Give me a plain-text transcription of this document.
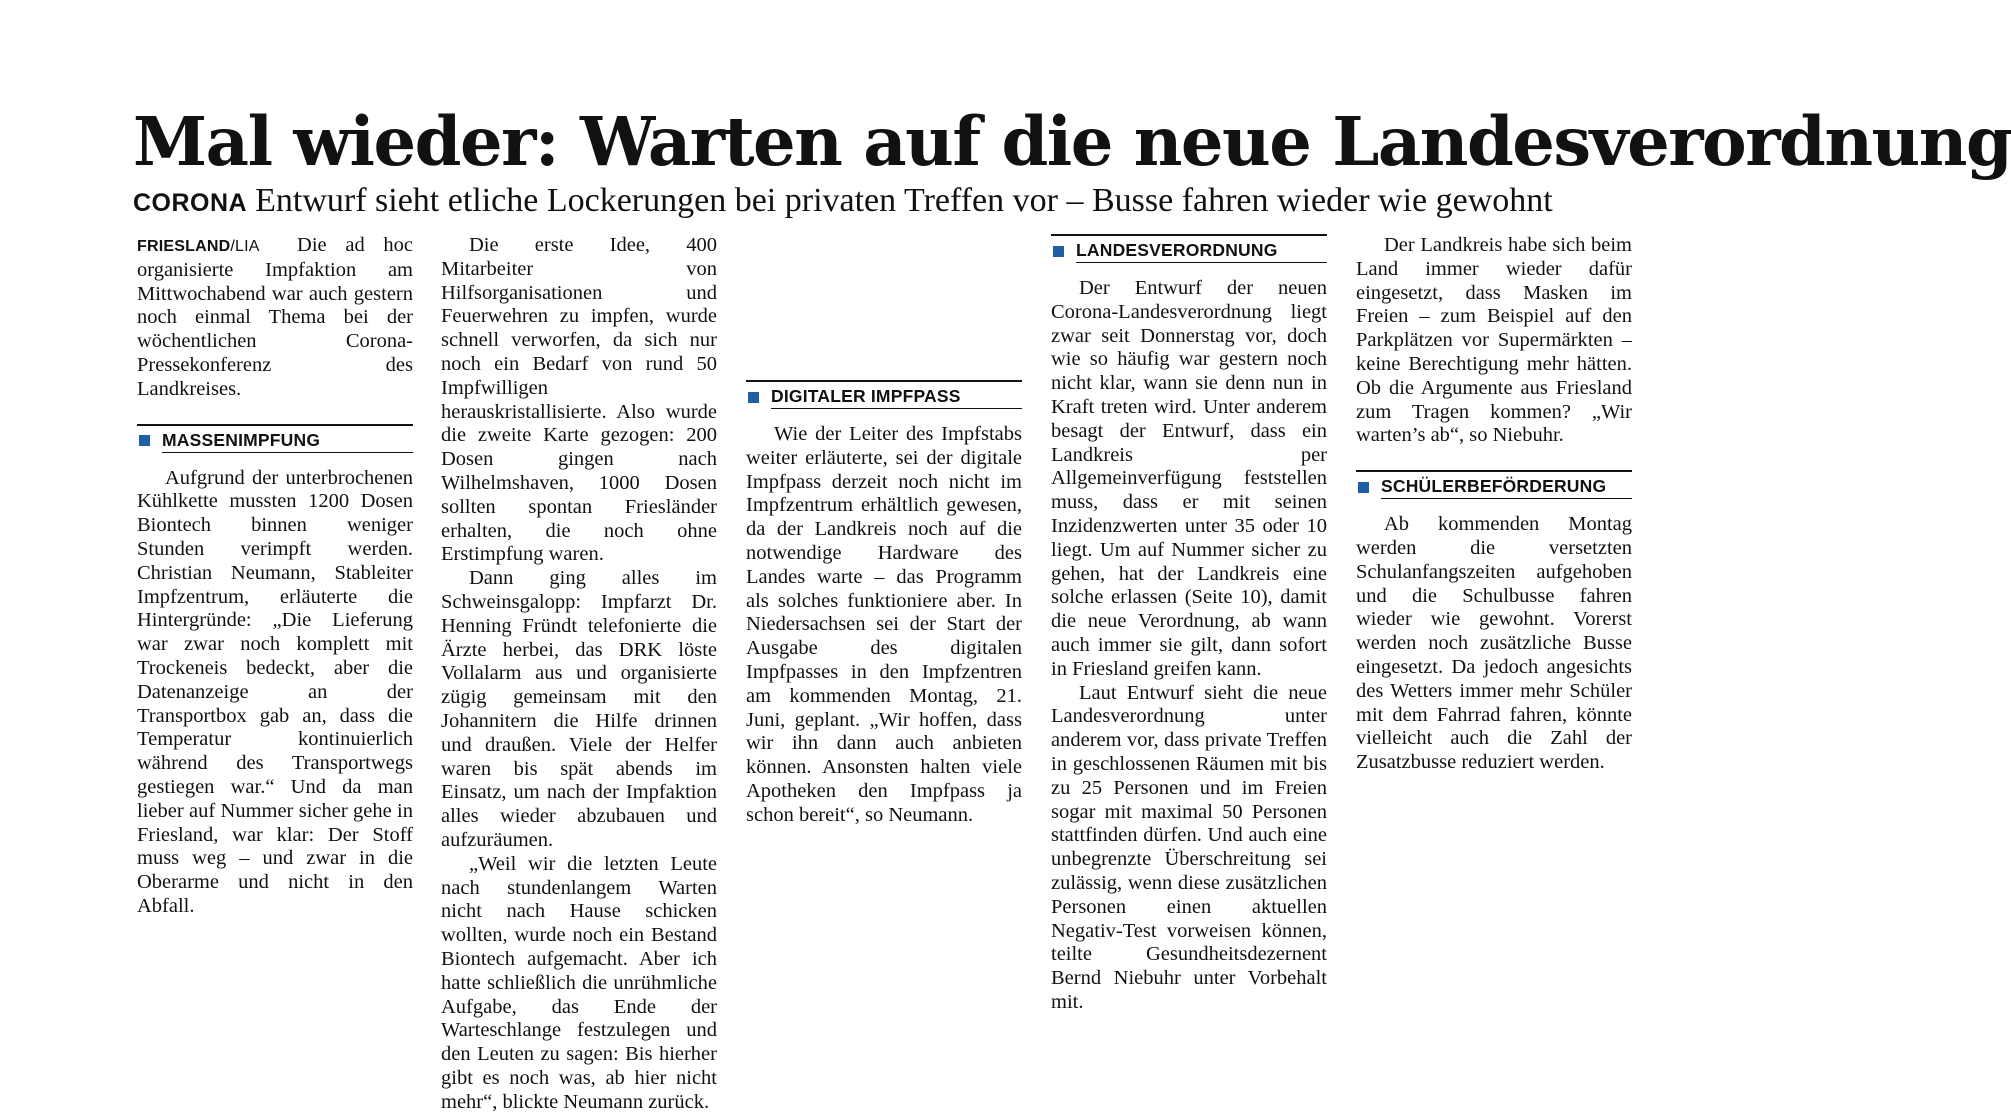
Mal wieder: Warten auf die neue Landesverordnung
CORONA Entwurf sieht etliche Lockerungen bei privaten Treffen vor – Busse fahren wieder wie gewohnt

FRIESLAND/LIA Die ad hoc organisierte Impfaktion am Mittwochabend war auch gestern noch einmal Thema bei der wöchentlichen Corona-Pressekonferenz des Landkreises.

MASSENIMPFUNG

Aufgrund der unterbrochenen Kühlkette mussten 1200 Dosen Biontech binnen weniger Stunden verimpft werden. Christian Neumann, Stableiter Impfzentrum, erläuterte die Hintergründe: „Die Lieferung war zwar noch komplett mit Trockeneis bedeckt, aber die Datenanzeige an der Transportbox gab an, dass die Temperatur kontinuierlich während des Transportwegs gestiegen war.“ Und da man lieber auf Nummer sicher gehe in Friesland, war klar: Der Stoff muss weg – und zwar in die Oberarme und nicht in den Abfall.

Die erste Idee, 400 Mitarbeiter von Hilfsorganisationen und Feuerwehren zu impfen, wurde schnell verworfen, da sich nur noch ein Bedarf von rund 50 Impfwilligen herauskristallisierte. Also wurde die zweite Karte gezogen: 200 Dosen gingen nach Wilhelmshaven, 1000 Dosen sollten spontan Friesländer erhalten, die noch ohne Erstimpfung waren.

Dann ging alles im Schweinsgalopp: Impfarzt Dr. Henning Fründt telefonierte die Ärzte herbei, das DRK löste Vollalarm aus und organisierte zügig gemeinsam mit den Johannitern die Hilfe drinnen und draußen. Viele der Helfer waren bis spät abends im Einsatz, um nach der Impfaktion alles wieder abzubauen und aufzuräumen.

„Weil wir die letzten Leute nach stundenlangem Warten nicht nach Hause schicken wollten, wurde noch ein Bestand Biontech aufgemacht. Aber ich hatte schließlich die unrühmliche Aufgabe, das Ende der Warteschlange festzulegen und den Leuten zu sagen: Bis hierher gibt es noch was, ab hier nicht mehr“, blickte Neumann zurück.

DIGITALER IMPFPASS

Wie der Leiter des Impfstabs weiter erläuterte, sei der digitale Impfpass derzeit noch nicht im Impfzentrum erhältlich gewesen, da der Landkreis noch auf die notwendige Hardware des Landes warte – das Programm als solches funktioniere aber. In Niedersachsen sei der Start der Ausgabe des digitalen Impfpasses in den Impfzentren am kommenden Montag, 21. Juni, geplant. „Wir hoffen, dass wir ihn dann auch anbieten können. Ansonsten halten viele Apotheken den Impfpass ja schon bereit“, so Neumann.

LANDESVERORDNUNG

Der Entwurf der neuen Corona-Landesverordnung liegt zwar seit Donnerstag vor, doch wie so häufig war gestern noch nicht klar, wann sie denn nun in Kraft treten wird. Unter anderem besagt der Entwurf, dass ein Landkreis per Allgemeinverfügung feststellen muss, dass er mit seinen Inzidenzwerten unter 35 oder 10 liegt. Um auf Nummer sicher zu gehen, hat der Landkreis eine solche erlassen (Seite 10), damit die neue Verordnung, ab wann auch immer sie gilt, dann sofort in Friesland greifen kann.

Laut Entwurf sieht die neue Landesverordnung unter anderem vor, dass private Treffen in geschlossenen Räumen mit bis zu 25 Personen und im Freien sogar mit maximal 50 Personen stattfinden dürfen. Und auch eine unbegrenzte Überschreitung sei zulässig, wenn diese zusätzlichen Personen einen aktuellen Negativ-Test vorweisen können, teilte Gesundheitsdezernent Bernd Niebuhr unter Vorbehalt mit.

Der Landkreis habe sich beim Land immer wieder dafür eingesetzt, dass Masken im Freien – zum Beispiel auf den Parkplätzen vor Supermärkten – keine Berechtigung mehr hätten. Ob die Argumente aus Friesland zum Tragen kommen? „Wir warten’s ab“, so Niebuhr.

SCHÜLERBEFÖRDERUNG

Ab kommenden Montag werden die versetzten Schulanfangszeiten aufgehoben und die Schulbusse fahren wieder wie gewohnt. Vorerst werden noch zusätzliche Busse eingesetzt. Da jedoch angesichts des Wetters immer mehr Schüler mit dem Fahrrad fahren, könnte vielleicht auch die Zahl der Zusatzbusse reduziert werden.
